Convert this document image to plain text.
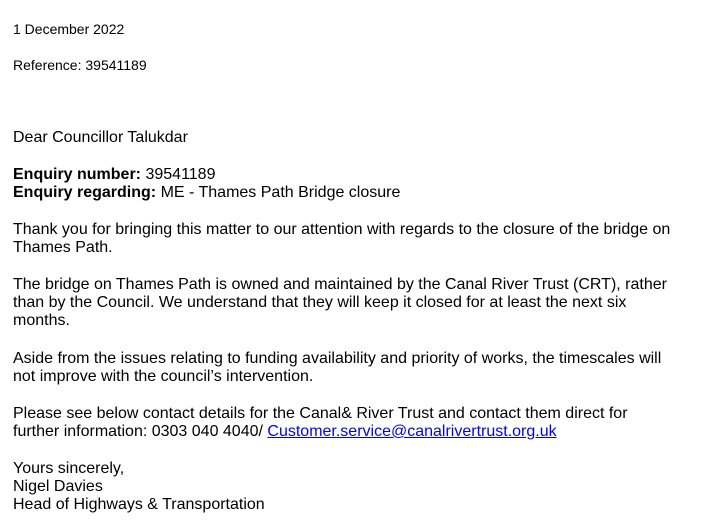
1 December 2022
Reference: 39541189
Dear Councillor Talukdar
Enquiry number: 39541189
Enquiry regarding: ME - Thames Path Bridge closure
Thank you for bringing this matter to our attention with regards to the closure of the bridge on
Thames Path.
The bridge on Thames Path is owned and maintained by the Canal River Trust (CRT), rather
than by the Council. We understand that they will keep it closed for at least the next six
months.
Aside from the issues relating to funding availability and priority of works, the timescales will
not improve with the council’s intervention.
Please see below contact details for the Canal& River Trust and contact them direct for
further information: 0303 040 4040/ Customer.service@canalrivertrust.org.uk
Yours sincerely,
Nigel Davies
Head of Highways & Transportation
